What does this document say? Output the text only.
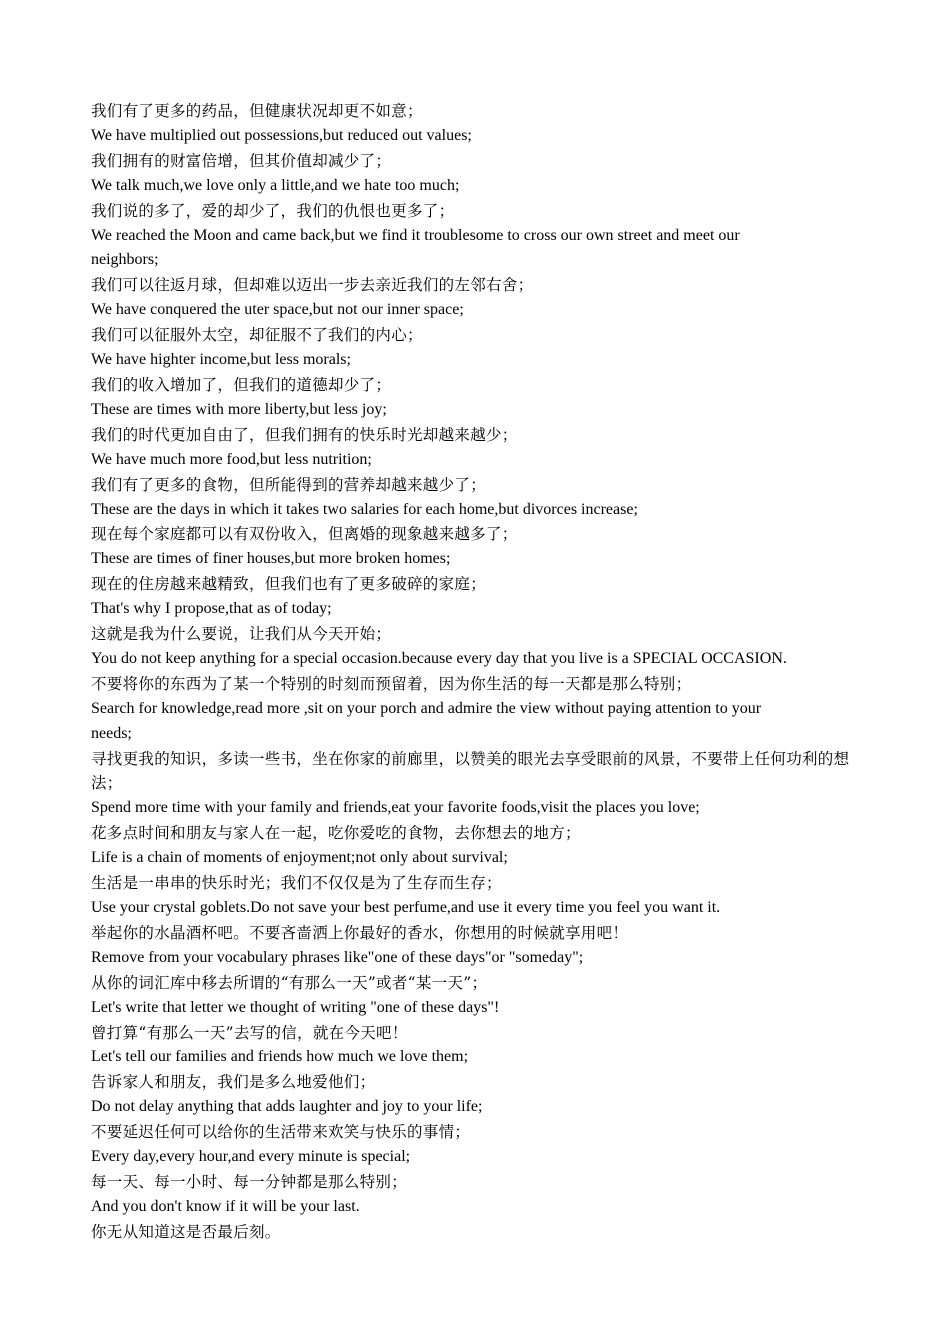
我们有了更多的药品，但健康状况却更不如意；

We have multiplied out possessions,but reduced out values;

我们拥有的财富倍增，但其价值却减少了；

We talk much,we love only a little,and we hate too much;

我们说的多了，爱的却少了，我们的仇恨也更多了；

We reached the Moon and came back,but we find it troublesome to cross our own street and meet our neighbors;

我们可以往返月球，但却难以迈出一步去亲近我们的左邻右舍；

We have conquered the uter space,but not our inner space;

我们可以征服外太空，却征服不了我们的内心；

We have highter income,but less morals;

我们的收入增加了，但我们的道德却少了；

These are times with more liberty,but less joy;

我们的时代更加自由了，但我们拥有的快乐时光却越来越少；

We have much more food,but less nutrition;

我们有了更多的食物，但所能得到的营养却越来越少了；

These are the days in which it takes two salaries for each home,but divorces increase;

现在每个家庭都可以有双份收入，但离婚的现象越来越多了；

These are times of finer houses,but more broken homes;

现在的住房越来越精致，但我们也有了更多破碎的家庭；

That's why I propose,that as of today;

这就是我为什么要说，让我们从今天开始；

You do not keep anything for a special occasion.because every day that you live is a SPECIAL OCCASION.

不要将你的东西为了某一个特别的时刻而预留着，因为你生活的每一天都是那么特别；

Search for knowledge,read more ,sit on your porch and admire the view without paying attention to your needs;

寻找更我的知识，多读一些书，坐在你家的前廊里，以赞美的眼光去享受眼前的风景，不要带上任何功利的想法；

Spend more time with your family and friends,eat your favorite foods,visit the places you love;

花多点时间和朋友与家人在一起，吃你爱吃的食物，去你想去的地方；

Life is a chain of moments of enjoyment;not only about survival;

生活是一串串的快乐时光；我们不仅仅是为了生存而生存；

Use your crystal goblets.Do not save your best perfume,and use it every time you feel you want it.

举起你的水晶酒杯吧。不要吝啬洒上你最好的香水，你想用的时候就享用吧！

Remove from your vocabulary phrases like"one of these days"or "someday";

从你的词汇库中移去所谓的“有那么一天”或者“某一天”；

Let's write that letter we thought of writing "one of these days"!

曾打算“有那么一天”去写的信，就在今天吧！

Let's tell our families and friends how much we love them;

告诉家人和朋友，我们是多么地爱他们；

Do not delay anything that adds laughter and joy to your life;

不要延迟任何可以给你的生活带来欢笑与快乐的事情；

Every day,every hour,and every minute is special;

每一天、每一小时、每一分钟都是那么特别；

And you don't know if it will be your last.

你无从知道这是否最后刻。
